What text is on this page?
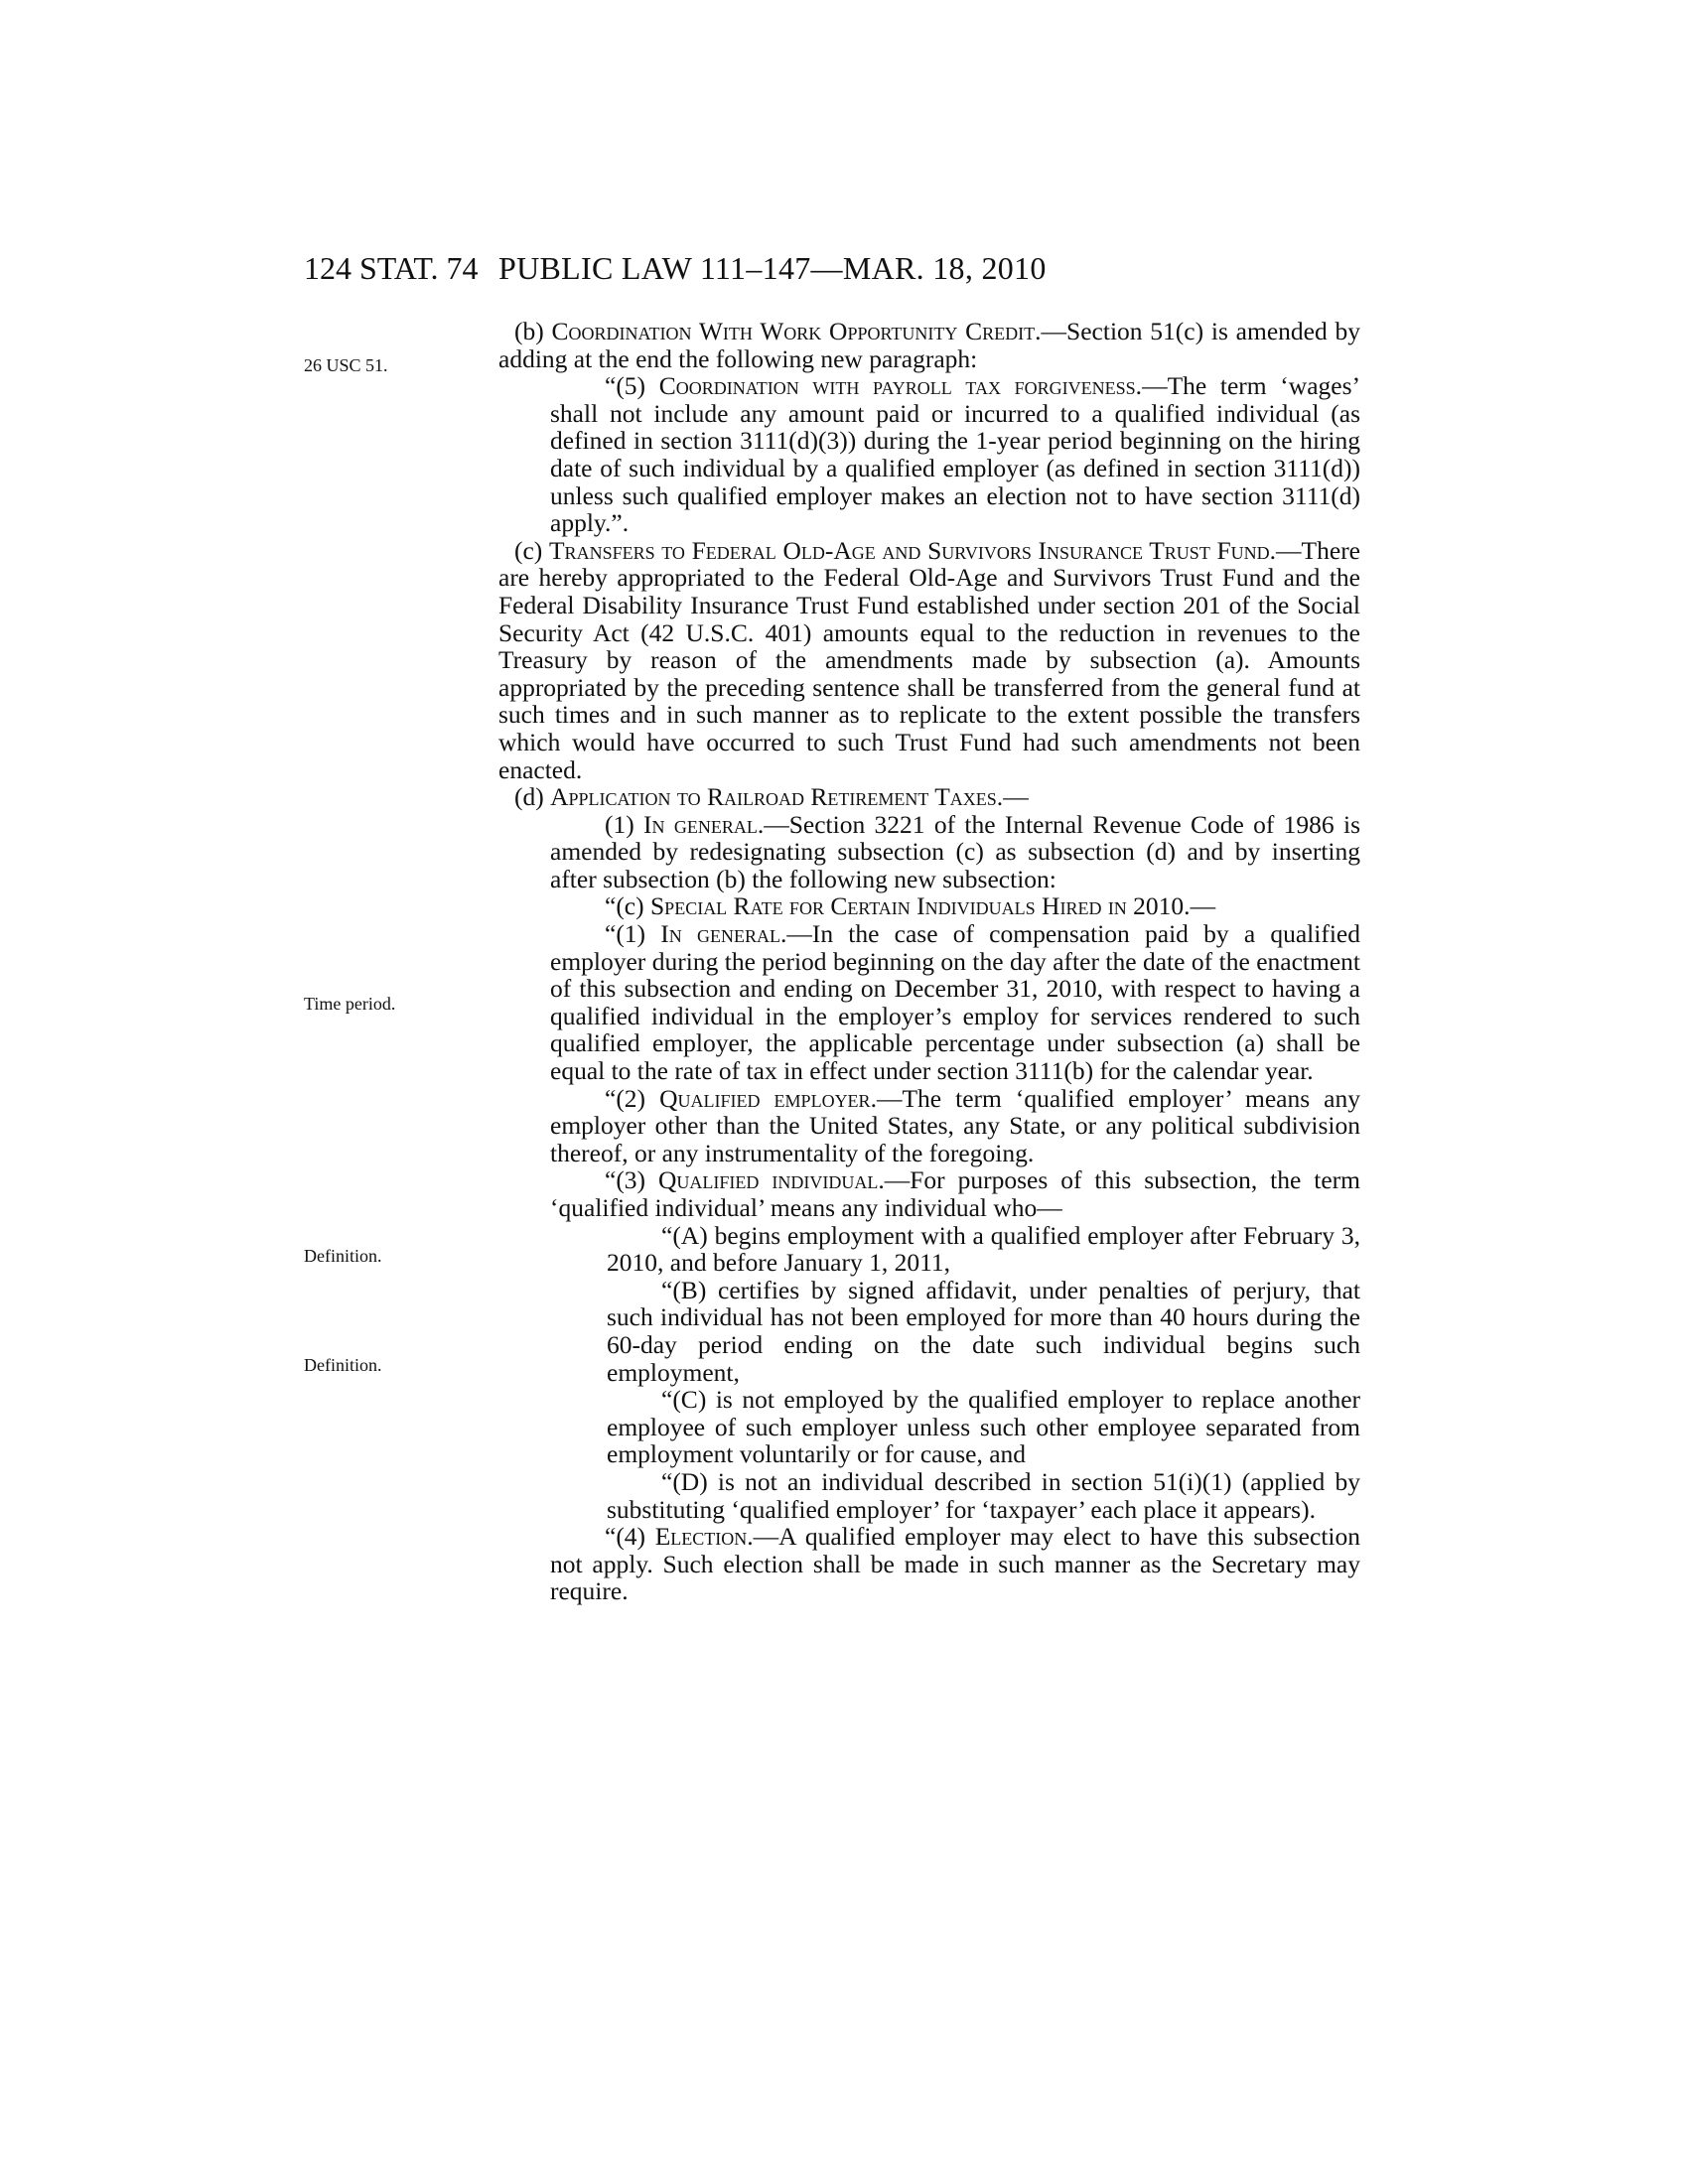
124 STAT. 74 PUBLIC LAW 111–147—MAR. 18, 2010
26 USC 51.
Time period.
Definition.
Definition.

(b) Coordination With Work Opportunity Credit.—Section 51(c) is amended by adding at the end the following new paragraph:

“(5) Coordination with payroll tax forgiveness.—The term ‘wages’ shall not include any amount paid or incurred to a qualified individual (as defined in section 3111(d)(3)) during the 1-year period beginning on the hiring date of such individual by a qualified employer (as defined in section 3111(d)) unless such qualified employer makes an election not to have section 3111(d) apply.”.

(c) Transfers to Federal Old-Age and Survivors Insurance Trust Fund.—There are hereby appropriated to the Federal Old-Age and Survivors Trust Fund and the Federal Disability Insurance Trust Fund established under section 201 of the Social Security Act (42 U.S.C. 401) amounts equal to the reduction in revenues to the Treasury by reason of the amendments made by subsection (a). Amounts appropriated by the preceding sentence shall be transferred from the general fund at such times and in such manner as to replicate to the extent possible the transfers which would have occurred to such Trust Fund had such amendments not been enacted.

(d) Application to Railroad Retirement Taxes.—

(1) In general.—Section 3221 of the Internal Revenue Code of 1986 is amended by redesignating subsection (c) as subsection (d) and by inserting after subsection (b) the following new subsection:

“(c) Special Rate for Certain Individuals Hired in 2010.—

“(1) In general.—In the case of compensation paid by a qualified employer during the period beginning on the day after the date of the enactment of this subsection and ending on December 31, 2010, with respect to having a qualified individual in the employer’s employ for services rendered to such qualified employer, the applicable percentage under subsection (a) shall be equal to the rate of tax in effect under section 3111(b) for the calendar year.

“(2) Qualified employer.—The term ‘qualified employer’ means any employer other than the United States, any State, or any political subdivision thereof, or any instrumentality of the foregoing.

“(3) Qualified individual.—For purposes of this subsection, the term ‘qualified individual’ means any individual who—

“(A) begins employment with a qualified employer after February 3, 2010, and before January 1, 2011,

“(B) certifies by signed affidavit, under penalties of perjury, that such individual has not been employed for more than 40 hours during the 60-day period ending on the date such individual begins such employment,

“(C) is not employed by the qualified employer to replace another employee of such employer unless such other employee separated from employment voluntarily or for cause, and

“(D) is not an individual described in section 51(i)(1) (applied by substituting ‘qualified employer’ for ‘taxpayer’ each place it appears).

“(4) Election.—A qualified employer may elect to have this subsection not apply. Such election shall be made in such manner as the Secretary may require.
